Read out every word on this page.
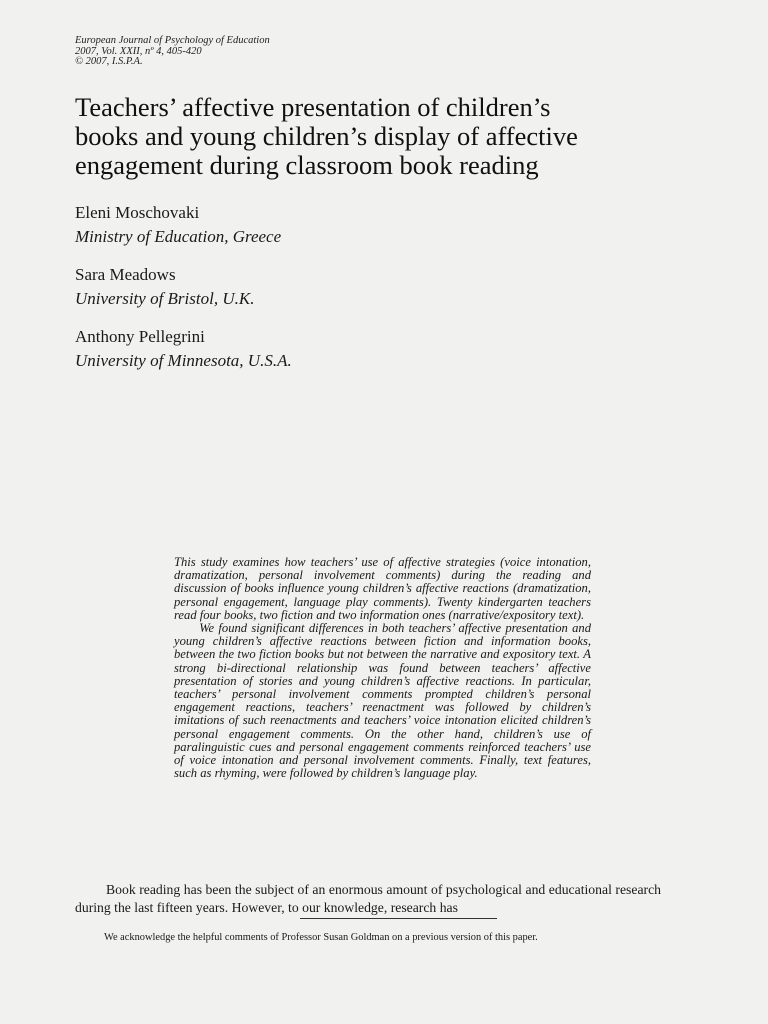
European Journal of Psychology of Education
2007, Vol. XXII, nº 4, 405-420
© 2007, I.S.P.A.
Teachers’ affective presentation of children’s
books and young children’s display of affective
engagement during classroom book reading
Eleni Moschovaki
Ministry of Education, Greece
Sara Meadows
University of Bristol, U.K.
Anthony Pellegrini
University of Minnesota, U.S.A.

This study examines how teachers’ use of affective strategies (voice intonation, dramatization, personal involvement comments) during the reading and discussion of books influence young children’s affective reactions (dramatization, personal engagement, language play comments). Twenty kindergarten teachers read four books, two fiction and two information ones (narrative/expository text).

We found significant differences in both teachers’ affective presentation and young children’s affective reactions between fiction and information books, between the two fiction books but not between the narrative and expository text. A strong bi-directional relationship was found between teachers’ affective presentation of stories and young children’s affective reactions. In particular, teachers’ personal involvement comments prompted children’s personal engagement reactions, teachers’ reenactment was followed by children’s imitations of such reenactments and teachers’ voice intonation elicited children’s personal engagement comments. On the other hand, children’s use of paralinguistic cues and personal engagement comments reinforced teachers’ use of voice intonation and personal involvement comments. Finally, text features, such as rhyming, were followed by children’s language play.

Book reading has been the subject of an enormous amount of psychological and educational research during the last fifteen years. However, to our knowledge, research has

We acknowledge the helpful comments of Professor Susan Goldman on a previous version of this paper.
